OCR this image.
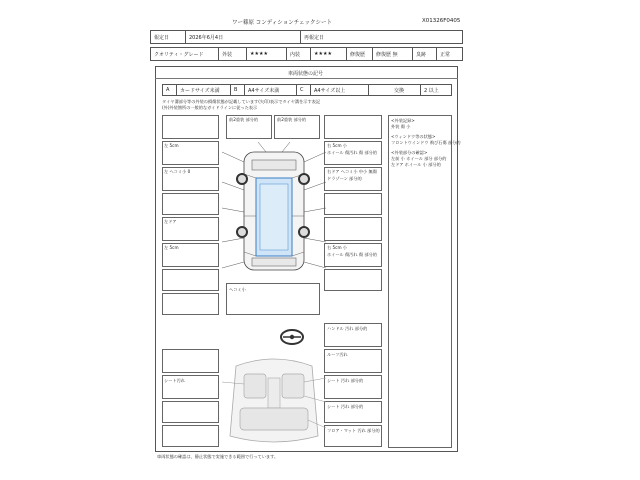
ワー篠原 コンディションチェックシート	X01326F0405
報定日	2026年6月4日	再報定日
クオリティ・グレード	外装	★★★★	内装	★★★★	修復歴	修復歴 無	臭跡	正常
車両状態の記号
A	カードサイズ未満	B	A4サイズ未満	C	A4サイズ以上	交換	2 以上
タイヤ溝部分等の外装の損傷状態が記載しています(矢印)表示でタイヤ溝を示す表記
(外)外装箇所の一般的なガイドラインに従った表示
前2重装 部分的	前2重装 部分的
左 5cm
左 ヘコミ小 0
左ドア
左 5cm
右 5cm 小
ホイール 傷汚れ 傷 部分的
右ドア ヘコミ小 中小 無傷
ドラゾーン 部分的
右 5cm 小
ホイール 傷汚れ 傷 部分的
ヘコミ小
<外装記録>
外装 傷 小
<ウィンドウ等の状態>
フロントウインドウ 飛び石傷 部分的
<外装部分の確認>
左前 小 ホイール 部分 部分的
左ドア ホイール 小 部分的
ハンドル 汚れ 部分的
ルーフ汚れ
シート汚れ	シート 汚れ 部分的
シート 汚れ 部分的
フロア・マット 汚れ 部分的
車両状態の確認は、静止状態で実施できる範囲で行っています。
